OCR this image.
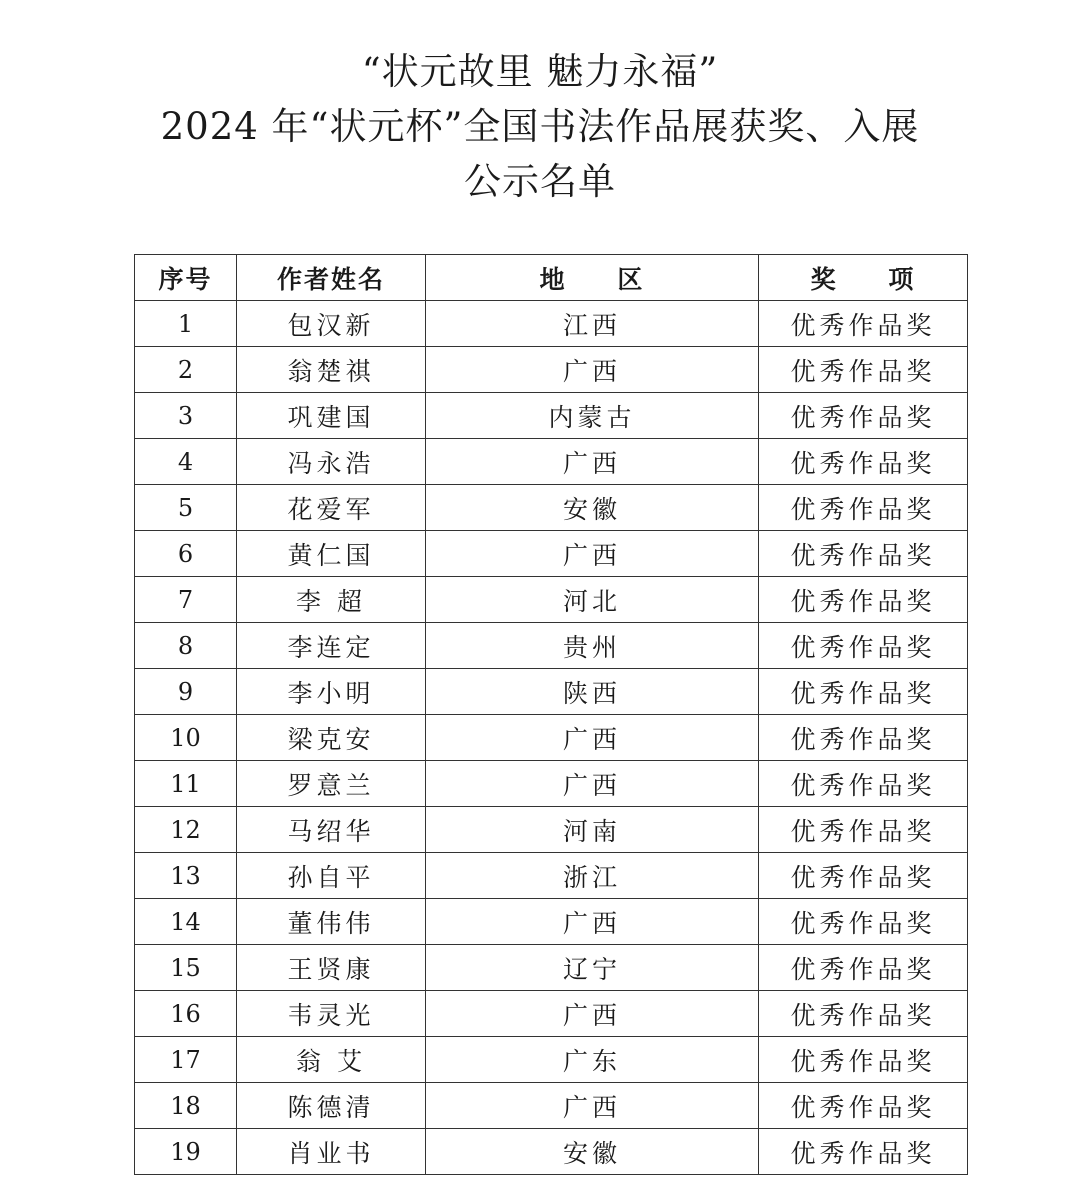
“状元故里 魅力永福”
2024 年“状元杯”全国书法作品展获奖、入展
公示名单
序号	作者姓名	地 区	奖 项
1	包汉新	江西	优秀作品奖
2	翁楚祺	广西	优秀作品奖
3	巩建国	内蒙古	优秀作品奖
4	冯永浩	广西	优秀作品奖
5	花爱军	安徽	优秀作品奖
6	黄仁国	广西	优秀作品奖
7	李 超	河北	优秀作品奖
8	李连定	贵州	优秀作品奖
9	李小明	陕西	优秀作品奖
10	梁克安	广西	优秀作品奖
11	罗意兰	广西	优秀作品奖
12	马绍华	河南	优秀作品奖
13	孙自平	浙江	优秀作品奖
14	董伟伟	广西	优秀作品奖
15	王贤康	辽宁	优秀作品奖
16	韦灵光	广西	优秀作品奖
17	翁 艾	广东	优秀作品奖
18	陈德清	广西	优秀作品奖
19	肖业书	安徽	优秀作品奖
